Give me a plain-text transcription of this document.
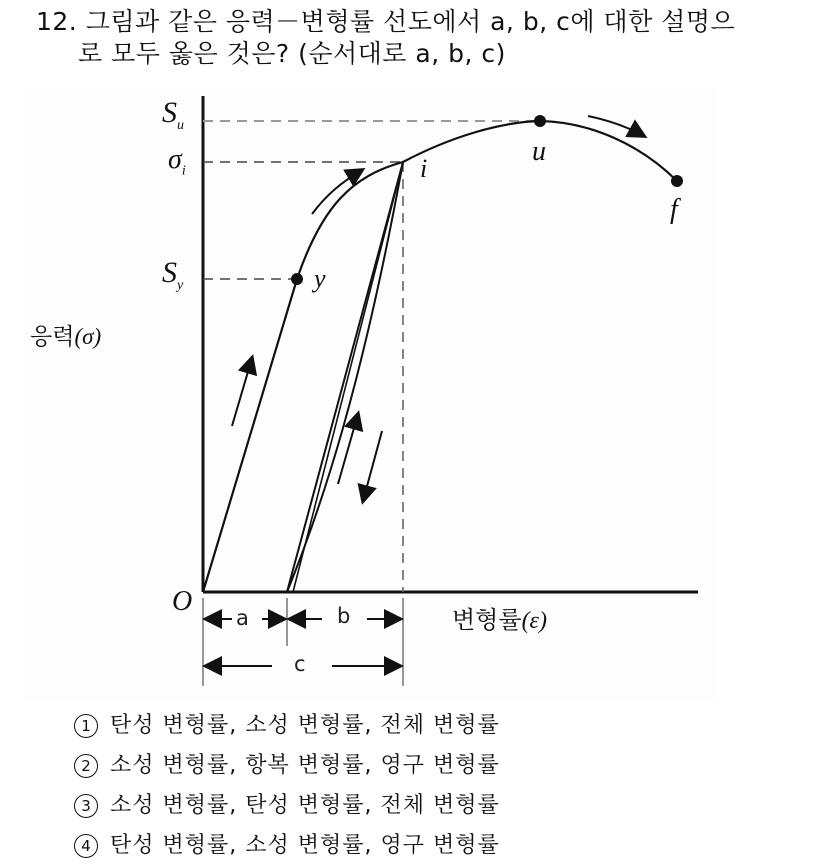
12. 그림과 같은 응력－변형률 선도에서 a, b, c에 대한 설명으
로 모두 옳은 것은? (순서대로 a, b, c)
$S_u$
$\sigma_i$
$S_y$	y
i
u
f
응력(σ)
O
변형률(ε)
a	b
c
1 탄성 변형률, 소성 변형률, 전체 변형률
2 소성 변형률, 항복 변형률, 영구 변형률
3 소성 변형률, 탄성 변형률, 전체 변형률
4 탄성 변형률, 소성 변형률, 영구 변형률
